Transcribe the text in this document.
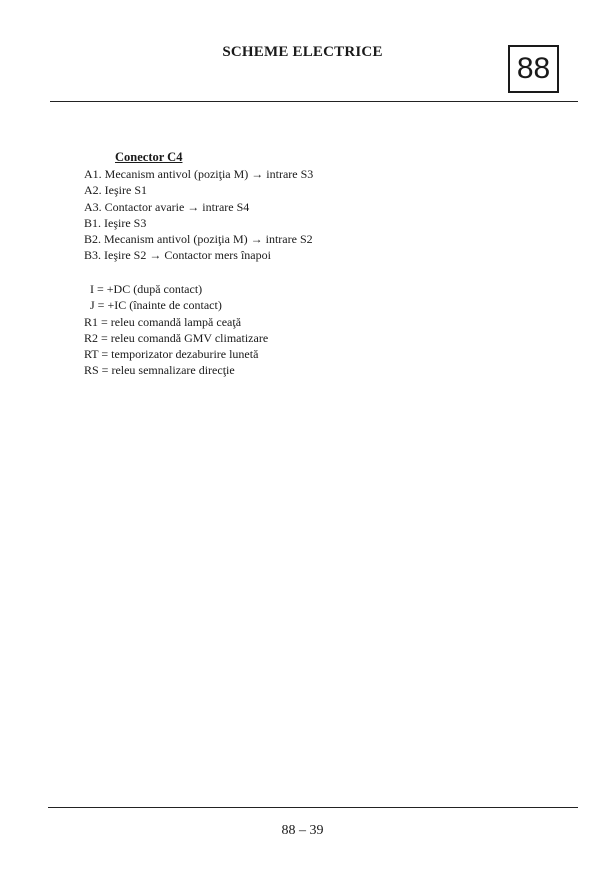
SCHEME ELECTRICE	88
Conector C4
A1. Mecanism antivol (poziţia M) → intrare S3
A2. Ieşire S1
A3. Contactor avarie → intrare S4
B1. Ieşire S3
B2. Mecanism antivol (poziţia M) → intrare S2
B3. Ieşire S2 → Contactor mers înapoi
I = +DC (după contact)
J = +IC (înainte de contact)
R1 = releu comandă lampă ceaţă
R2 = releu comandă GMV climatizare
RT = temporizator dezaburire lunetă
RS = releu semnalizare direcţie
88 – 39
